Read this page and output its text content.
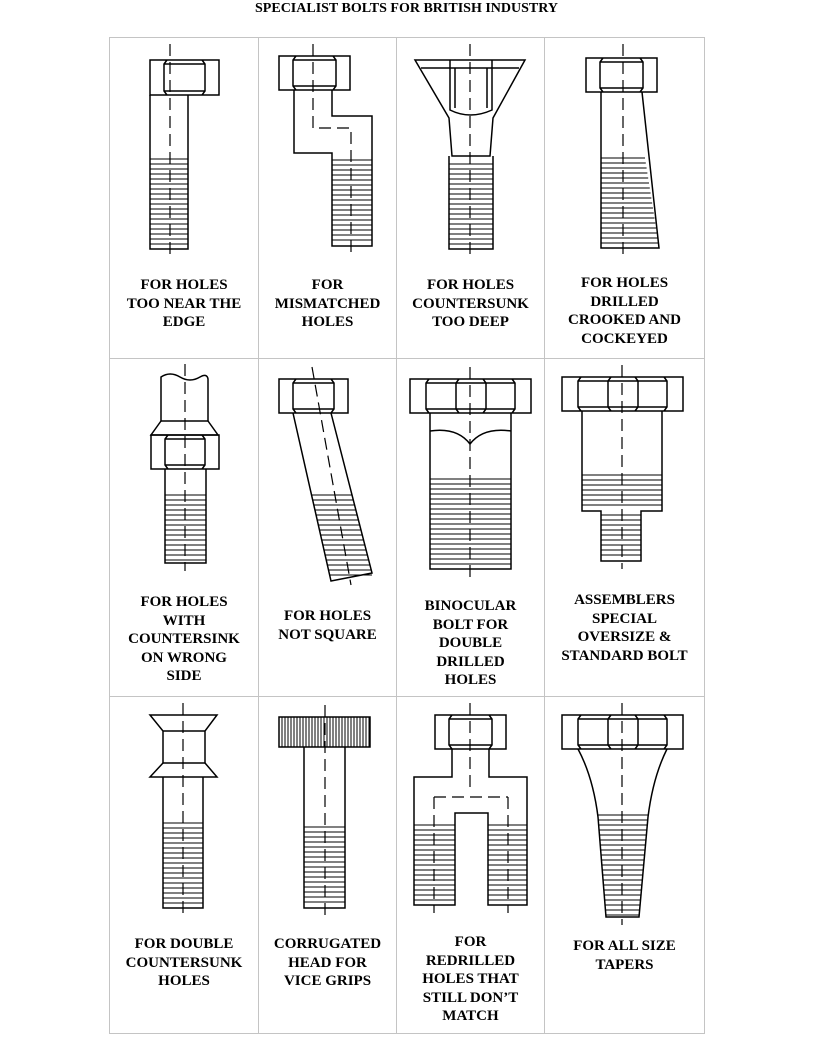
SPECIALIST BOLTS FOR BRITISH INDUSTRY
FOR HOLES
TOO NEAR THE
EDGE
FOR
MISMATCHED
HOLES
FOR HOLES
COUNTERSUNK
TOO DEEP
FOR HOLES
DRILLED
CROOKED AND
COCKEYED
FOR HOLES
WITH
COUNTERSINK
ON WRONG
SIDE
FOR HOLES
NOT SQUARE
BINOCULAR
BOLT FOR
DOUBLE
DRILLED
HOLES
ASSEMBLERS
SPECIAL
OVERSIZE &
STANDARD BOLT
FOR DOUBLE
COUNTERSUNK
HOLES
CORRUGATED
HEAD FOR
VICE GRIPS
FOR
REDRILLED
HOLES THAT
STILL DON’T
MATCH
FOR ALL SIZE
TAPERS
